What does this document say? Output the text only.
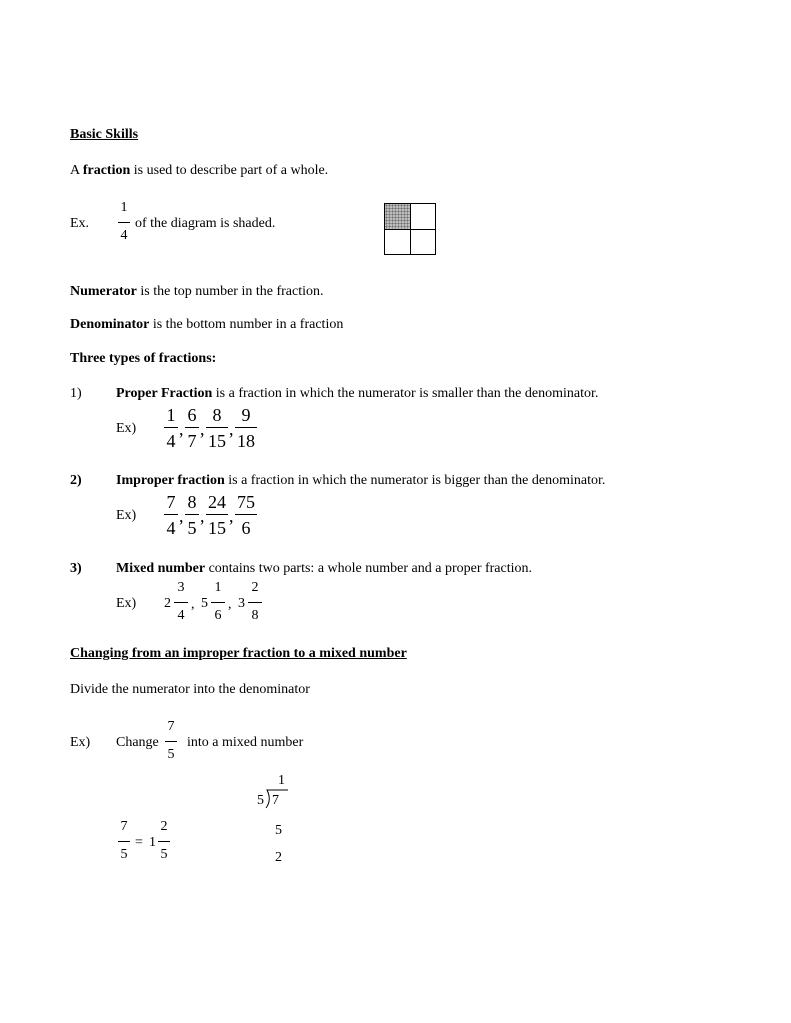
Basic Skills
A fraction is used to describe part of a whole.
Ex.
1
4
of the diagram is shaded.
Numerator is the top number in the fraction.
Denominator is the bottom number in a fraction
Three types of fractions:
1) Proper Fraction is a fraction in which the numerator is smaller than the denominator.
Ex)
1
4
,
6
7
,
8
15
,
9
18
2) Improper fraction is a fraction in which the numerator is bigger than the denominator.
Ex)
7
4
,
8
5
,
24
15
,
75
6
3) Mixed number contains two parts: a whole number and a proper fraction.
Ex) 2
3
4
, 5
1
6
, 3
2
8
Changing from an improper fraction to a mixed number
Divide the numerator into the denominator
Ex) Change
7
5
into a mixed number
1
5 7
5
2
7
5
= 1
2
5
